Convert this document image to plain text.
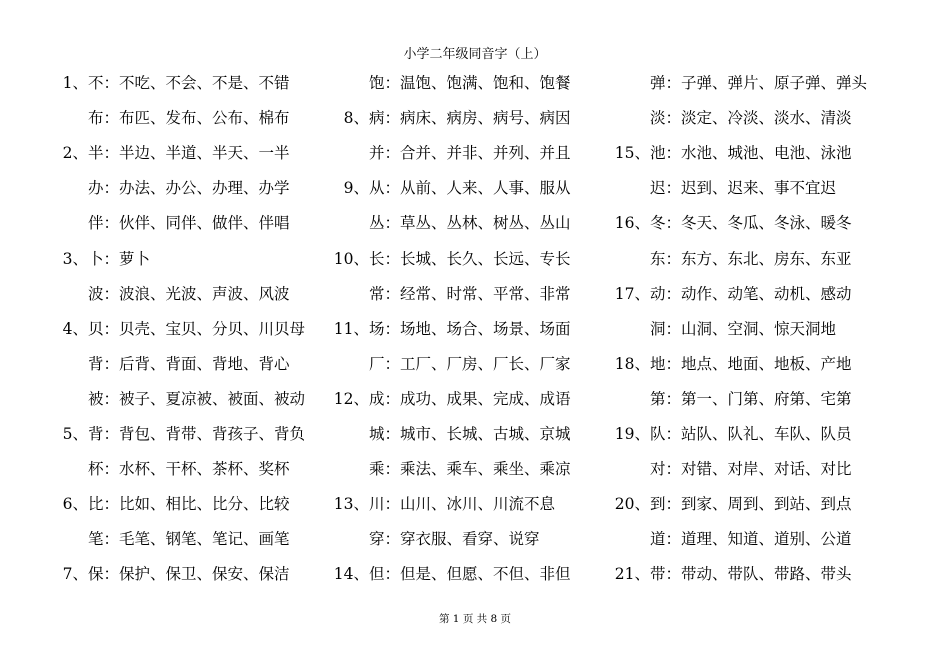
小学二年级同音字（上）
1、 不：不吃、不会、不是、不错
布：布匹、发布、公布、棉布
2、 半：半边、半道、半天、一半
办：办法、办公、办理、办学
伴：伙伴、同伴、做伴、伴唱
3、 卜：萝卜
波：波浪、光波、声波、风波
4、 贝：贝壳、宝贝、分贝、川贝母
背：后背、背面、背地、背心
被：被子、夏凉被、被面、被动
5、 背：背包、背带、背孩子、背负
杯：水杯、干杯、茶杯、奖杯
6、 比：比如、相比、比分、比较
笔：毛笔、钢笔、笔记、画笔
7、 保：保护、保卫、保安、保洁
饱：温饱、饱满、饱和、饱餐
8、 病：病床、病房、病号、病因
并：合并、并非、并列、并且
9、 从：从前、人来、人事、服从
丛：草丛、丛林、树丛、丛山
10、 长：长城、长久、长远、专长
常：经常、时常、平常、非常
11、 场：场地、场合、场景、场面
厂：工厂、厂房、厂长、厂家
12、 成：成功、成果、完成、成语
城：城市、长城、古城、京城
乘：乘法、乘车、乘坐、乘凉
13、 川：山川、冰川、川流不息
穿：穿衣服、看穿、说穿
14、 但：但是、但愿、不但、非但
弹：子弹、弹片、原子弹、弹头
淡：淡定、冷淡、淡水、清淡
15、 池：水池、城池、电池、泳池
迟：迟到、迟来、事不宜迟
16、 冬：冬天、冬瓜、冬泳、暖冬
东：东方、东北、房东、东亚
17、 动：动作、动笔、动机、感动
洞：山洞、空洞、惊天洞地
18、 地：地点、地面、地板、产地
第：第一、门第、府第、宅第
19、 队：站队、队礼、车队、队员
对：对错、对岸、对话、对比
20、 到：到家、周到、到站、到点
道：道理、知道、道别、公道
21、 带：带动、带队、带路、带头
第 1 页 共 8 页
